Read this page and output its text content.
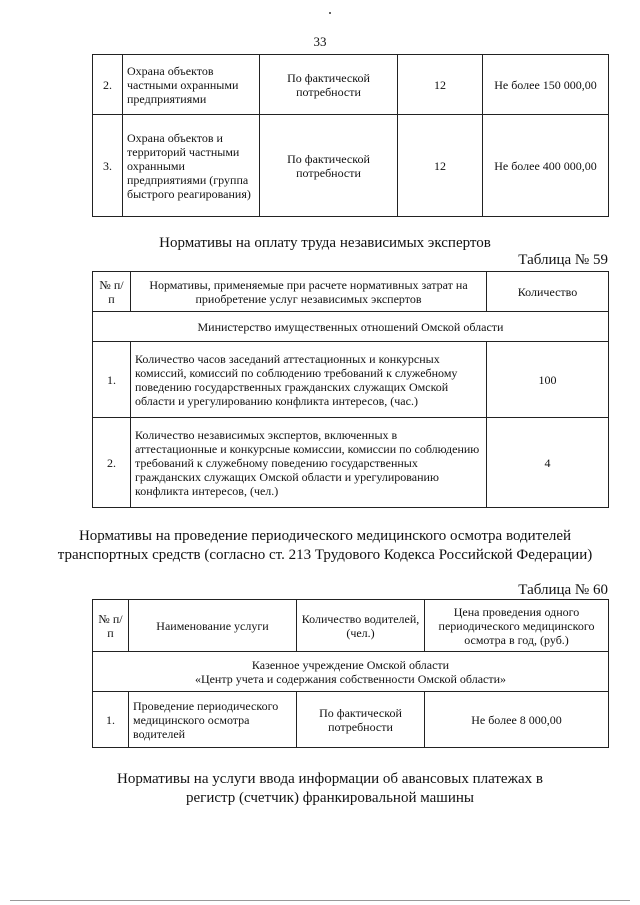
33
2.	Охрана объектов частными охранными предприятиями	По фактической потребности	12	Не более 150 000,00
3.	Охрана объектов и территорий частными охранными предприятиями (группа быстрого реагирования)	По фактической потребности	12	Не более 400 000,00
Нормативы на оплату труда независимых экспертов
Таблица № 59
№ п/п	Нормативы, применяемые при расчете нормативных затрат на приобретение услуг независимых экспертов	Количество
Министерство имущественных отношений Омской области		
1.	Количество часов заседаний аттестационных и конкурсных комиссий, комиссий по соблюдению требований к служебному поведению государственных гражданских служащих Омской области и урегулированию конфликта интересов, (час.)	100
2.	Количество независимых экспертов, включенных в аттестационные и конкурсные комиссии, комиссии по соблюдению требований к служебному поведению государственных гражданских служащих Омской области и урегулированию конфликта интересов, (чел.)	4
Нормативы на проведение периодического медицинского осмотра водителей транспортных средств (согласно ст. 213 Трудового Кодекса Российской Федерации)
Таблица № 60
№ п/п	Наименование услуги	Количество водителей, (чел.)	Цена проведения одного периодического медицинского осмотра в год, (руб.)

Казенное учреждение Омской области
«Центр учета и содержания собственности Омской области»			

1.	Проведение периодического медицинского осмотра водителей	По фактической потребности	Не более 8 000,00
Нормативы на услуги ввода информации об авансовых платежах в регистр (счетчик) франкировальной машины
